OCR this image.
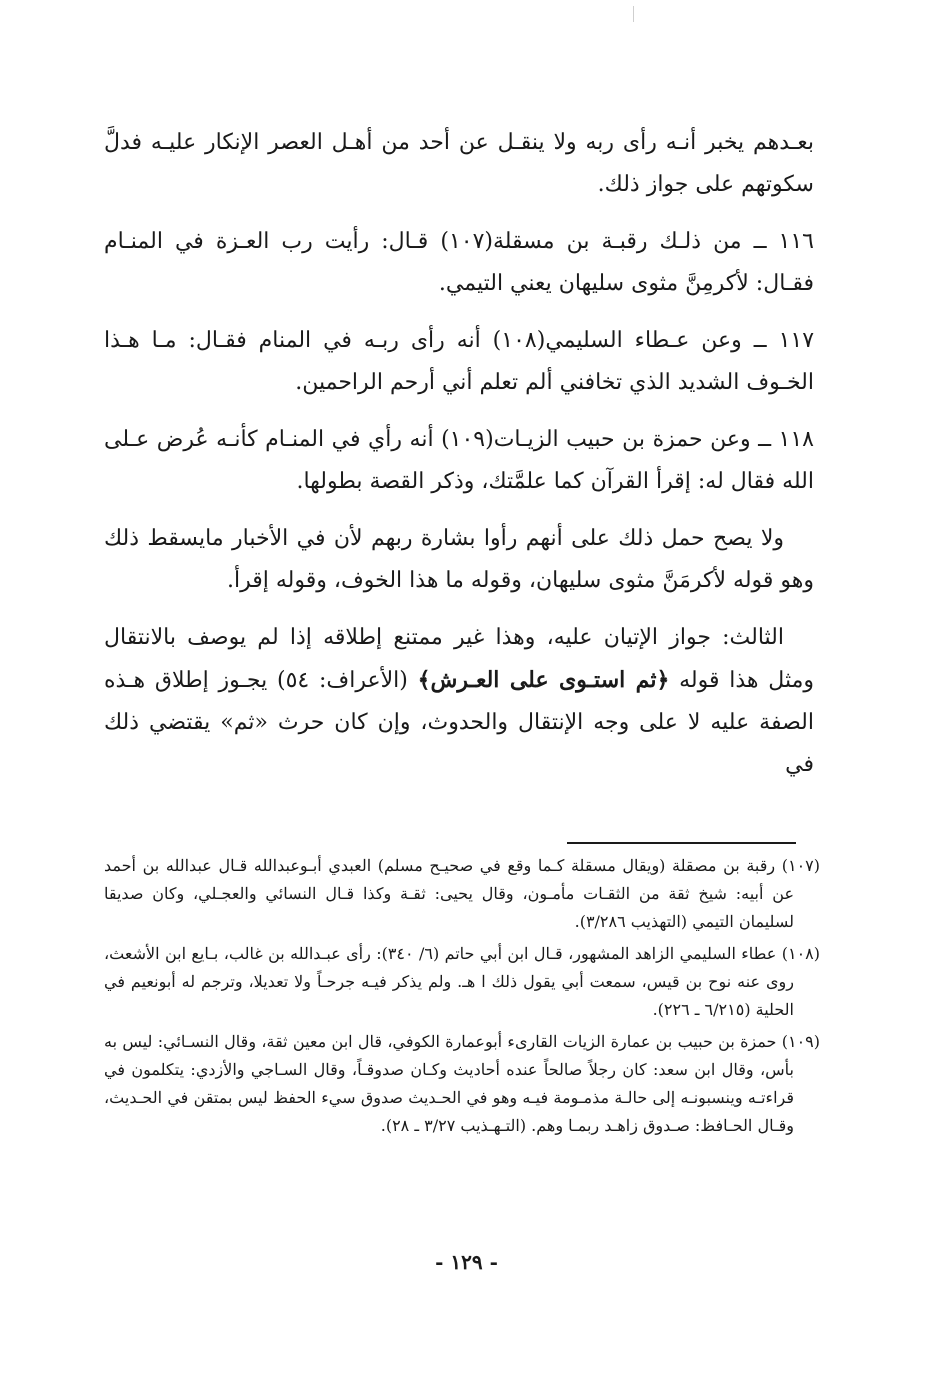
بعـدهم يخبر أنـه رأى ربه ولا ينقـل عن أحد من أهـل العصر الإنكار عليـه فدلَّ سكوتهم على جواز ذلك.

١١٦ ــ من ذلـك رقبـة بن مسقلة(١٠٧) قـال: رأيت رب العـزة في المنـام فقـال: لأكرمِنَّ مثوى سليهان يعني التيمي.

١١٧ ــ وعن عـطاء السليمي(١٠٨) أنه رأى ربـه في المنام فقـال: مـا هـذا الخـوف الشديد الذي تخافني ألم تعلم أني أرحم الراحمين.

١١٨ ــ وعن حمزة بن حبيب الزيـات(١٠٩) أنه رأي في المنـام كأنـه عُرض عـلى الله فقال له: إقرأ القرآن كما علمَّتك، وذكر القصة بطولها.

ولا يصح حمل ذلك على أنهم رأوا بشارة ربهم لأن في الأخبار مايسقط ذلك وهو قوله لأكرمَنَّ مثوى سليهان، وقوله ما هذا الخوف، وقوله إقرأ.

الثالث: جواز الإتيان عليه، وهذا غير ممتنع إطلاقه إذا لم يوصف بالانتقال ومثل هذا قوله ﴿ثم استـوى على العـرش﴾ (الأعراف: ٥٤) يجـوز إطلاق هـذه الصفة عليه لا على وجه الإنتقال والحدوث، وإن كان حرث «ثم» يقتضي ذلك في

(١٠٧) رقبة بن مصقلة (ويقال مسقلة كـما وقع في صحيـح مسلم) العبدي أبـوعبدالله قـال عبدالله بن أحمد عن أبيه: شيخ ثقة من الثقـات مأمـون، وقال يحيى: ثقـة وكذا قـال النسائي والعجـلي، وكان صديقا لسليمان التيمي (التهذيب ٣/٢٨٦).

(١٠٨) عطاء السليمي الزاهد المشهور، قـال ابن أبي حاتم (٦/ ٣٤٠): رأى عبـدالله بن غالب، بـايع ابن الأشعث، روى عنه نوح بن قيس، سمعت أبي يقول ذلك ا هـ. ولم يذكر فيـه جرحـاً ولا تعديلا، وترجم له أبونعيم في الحلية (٦/٢١٥ ـ ٢٢٦).

(١٠٩) حمزة بن حبيب بن عمارة الزيات القارىء أبوعمارة الكوفي، قال ابن معين ثقة، وقال النسـائي: ليس به بأس، وقال ابن سعد: كان رجلاً صالحاً عنده أحاديث وكـان صدوقـاً، وقال السـاجي والأزدي: يتكلمون في قراءتـه وينسبونـه إلى حالـة مذمـومة فيـه وهو في الحـديث صدوق سيء الحفظ ليس بمتقن في الحـديث، وقـال الحـافظ: صـدوق زاهـد ربمـا وهم. (التـهـذيب ٣/٢٧ ـ ٢٨).

- ١٢٩ -
